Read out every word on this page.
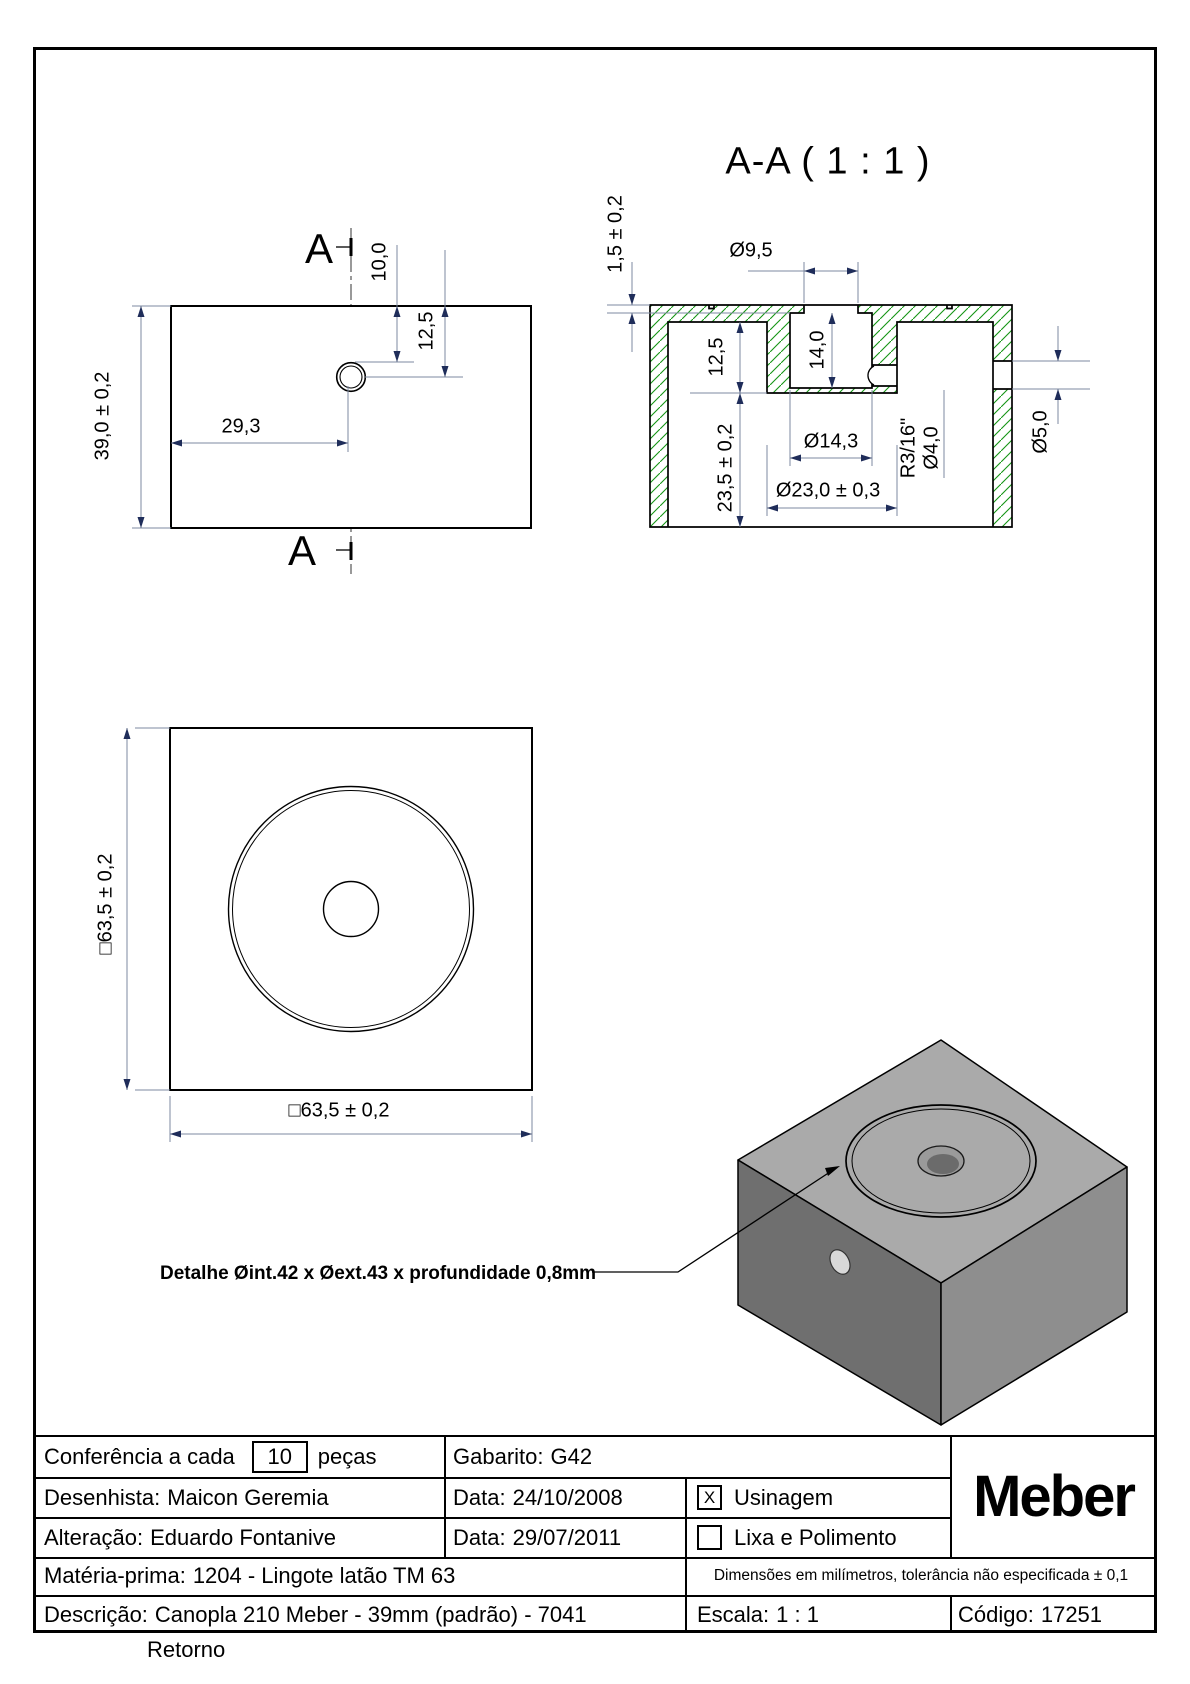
A
A
39,0 ± 0,2	29,3
10,0
12,5
A-A ( 1 : 1 )
1,5 ± 0,2	Ø9,5
12,5	14,0
23,5 ± 0,2	Ø14,3
Ø23,0 ± 0,3
R3/16" Ø4,0	Ø5,0
□63,5 ± 0,2
□63,5 ± 0,2
Detalhe Øint.42 x Øext.43 x profundidade 0,8mm
Conferência a cada	10	peças	Gabarito: G42
Desenhista: Maicon Geremia	Data: 24/10/2008	X Usinagem
Alteração: Eduardo Fontanive	Data: 29/07/2011	Lixa e Polimento
Matéria-prima: 1204 - Lingote latão TM 63	Dimensões em milímetros, tolerância não especificada ± 0,1
Descrição: Canopla 210 Meber - 39mm (padrão) - 7041
Retorno
Escala: 1 : 1	Código: 17251
Meber
